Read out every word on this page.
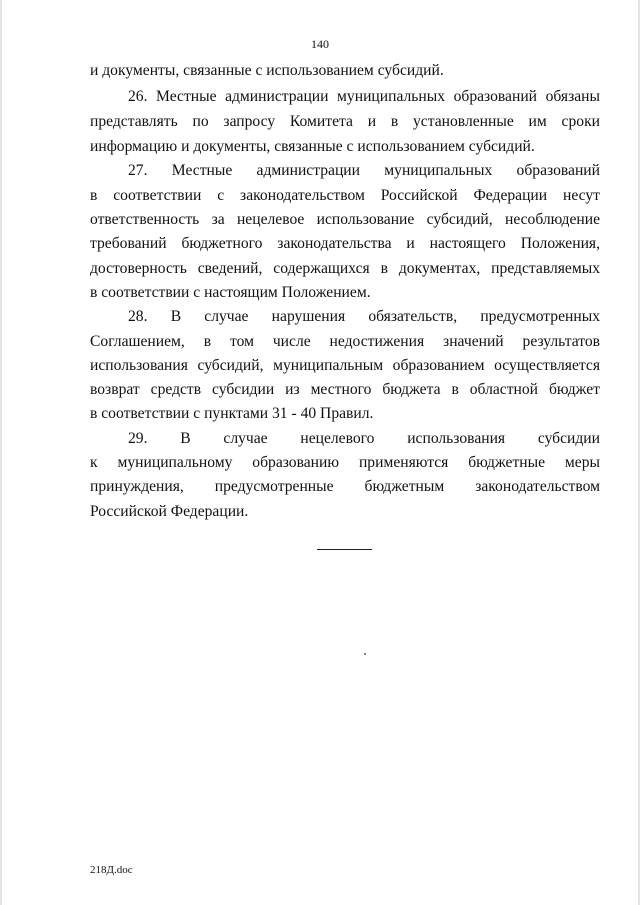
140
и документы, связанные с использованием субсидий.
26. Местные администрации муниципальных образований обязаны
представлять по запросу Комитета и в установленные им сроки
информацию и документы, связанные с использованием субсидий.
27. Местные администрации муниципальных образований
в соответствии с законодательством Российской Федерации несут
ответственность за нецелевое использование субсидий, несоблюдение
требований бюджетного законодательства и настоящего Положения,
достоверность сведений, содержащихся в документах, представляемых
в соответствии с настоящим Положением.
28. В случае нарушения обязательств, предусмотренных
Соглашением, в том числе недостижения значений результатов
использования субсидий, муниципальным образованием осуществляется
возврат средств субсидии из местного бюджета в областной бюджет
в соответствии с пунктами 31 - 40 Правил.
29. В случае нецелевого использования субсидии
к муниципальному образованию применяются бюджетные меры
принуждения, предусмотренные бюджетным законодательством
Российской Федерации.
218Д.doc
